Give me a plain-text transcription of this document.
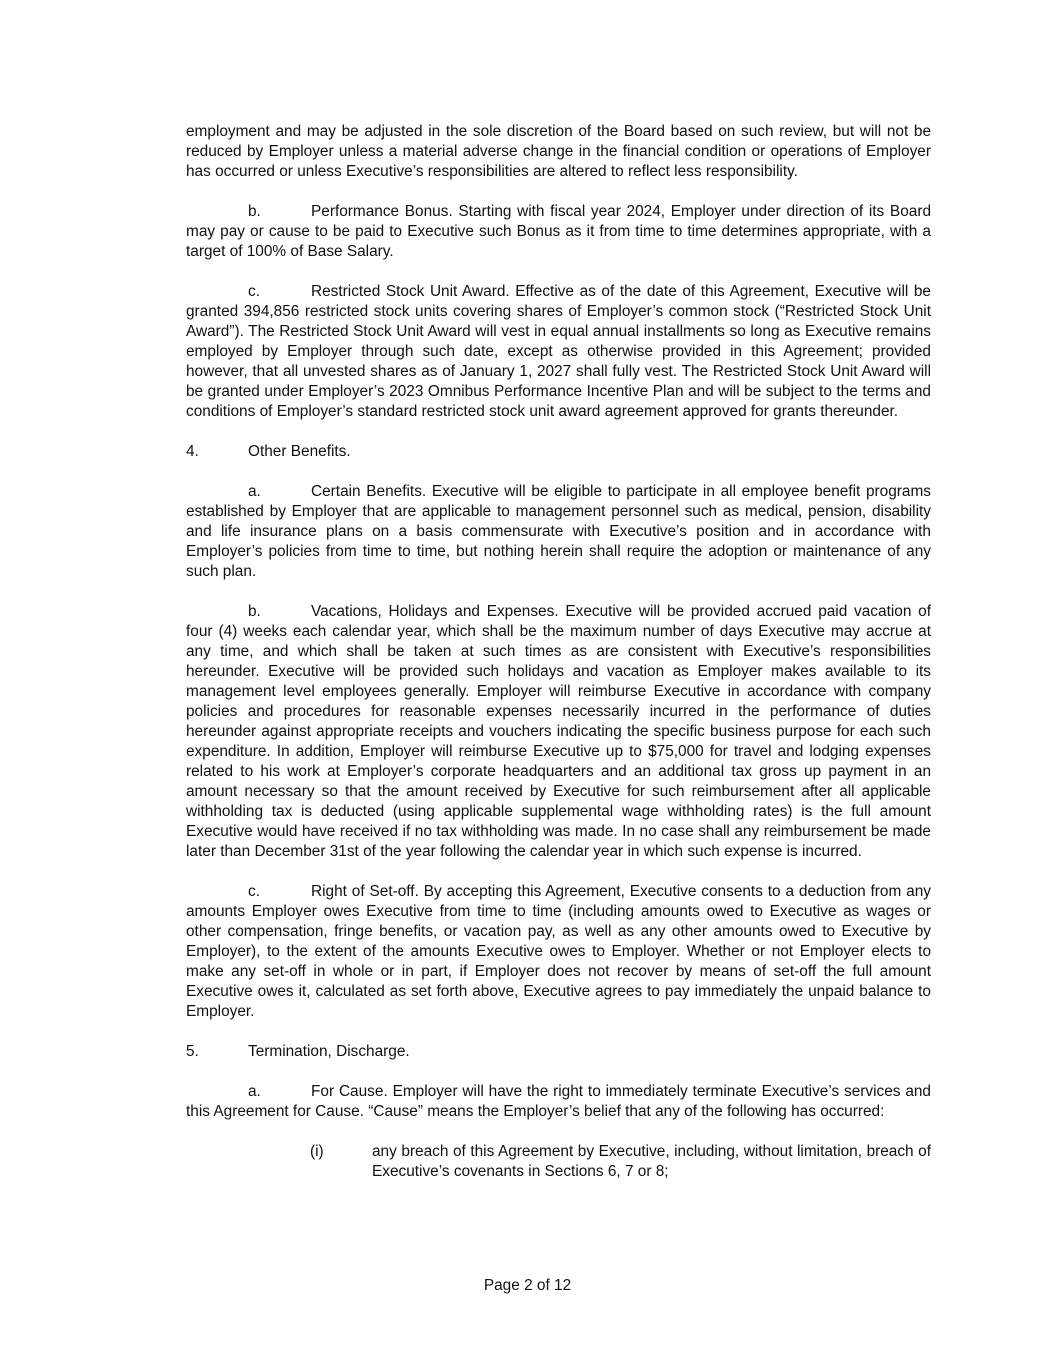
employment and may be adjusted in the sole discretion of the Board based on such review, but will not be reduced by Employer unless a material adverse change in the financial condition or operations of Employer has occurred or unless Executive’s responsibilities are altered to reflect less responsibility.

b.	Performance Bonus. Starting with fiscal year 2024, Employer under direction of its Board may pay or cause to be paid to Executive such Bonus as it from time to time determines appropriate, with a target of 100% of Base Salary.

c.	Restricted Stock Unit Award. Effective as of the date of this Agreement, Executive will be granted 394,856 restricted stock units covering shares of Employer’s common stock (“Restricted Stock Unit Award”). The Restricted Stock Unit Award will vest in equal annual installments so long as Executive remains employed by Employer through such date, except as otherwise provided in this Agreement; provided however, that all unvested shares as of January 1, 2027 shall fully vest. The Restricted Stock Unit Award will be granted under Employer’s 2023 Omnibus Performance Incentive Plan and will be subject to the terms and conditions of Employer’s standard restricted stock unit award agreement approved for grants thereunder.

4.	Other Benefits.

a.	Certain Benefits. Executive will be eligible to participate in all employee benefit programs established by Employer that are applicable to management personnel such as medical, pension, disability and life insurance plans on a basis commensurate with Executive’s position and in accordance with Employer’s policies from time to time, but nothing herein shall require the adoption or maintenance of any such plan.

b.	Vacations, Holidays and Expenses. Executive will be provided accrued paid vacation of four (4) weeks each calendar year, which shall be the maximum number of days Executive may accrue at any time, and which shall be taken at such times as are consistent with Executive’s responsibilities hereunder. Executive will be provided such holidays and vacation as Employer makes available to its management level employees generally. Employer will reimburse Executive in accordance with company policies and procedures for reasonable expenses necessarily incurred in the performance of duties hereunder against appropriate receipts and vouchers indicating the specific business purpose for each such expenditure. In addition, Employer will reimburse Executive up to $75,000 for travel and lodging expenses related to his work at Employer’s corporate headquarters and an additional tax gross up payment in an amount necessary so that the amount received by Executive for such reimbursement after all applicable withholding tax is deducted (using applicable supplemental wage withholding rates) is the full amount Executive would have received if no tax withholding was made. In no case shall any reimbursement be made later than December 31st of the year following the calendar year in which such expense is incurred.

c.	Right of Set-off. By accepting this Agreement, Executive consents to a deduction from any amounts Employer owes Executive from time to time (including amounts owed to Executive as wages or other compensation, fringe benefits, or vacation pay, as well as any other amounts owed to Executive by Employer), to the extent of the amounts Executive owes to Employer. Whether or not Employer elects to make any set-off in whole or in part, if Employer does not recover by means of set-off the full amount Executive owes it, calculated as set forth above, Executive agrees to pay immediately the unpaid balance to Employer.

5.	Termination, Discharge.

a.	For Cause. Employer will have the right to immediately terminate Executive’s services and this Agreement for Cause. “Cause” means the Employer’s belief that any of the following has occurred:

(i)	any breach of this Agreement by Executive, including, without limitation, breach of Executive’s covenants in Sections 6, 7 or 8;
Page 2 of 12
